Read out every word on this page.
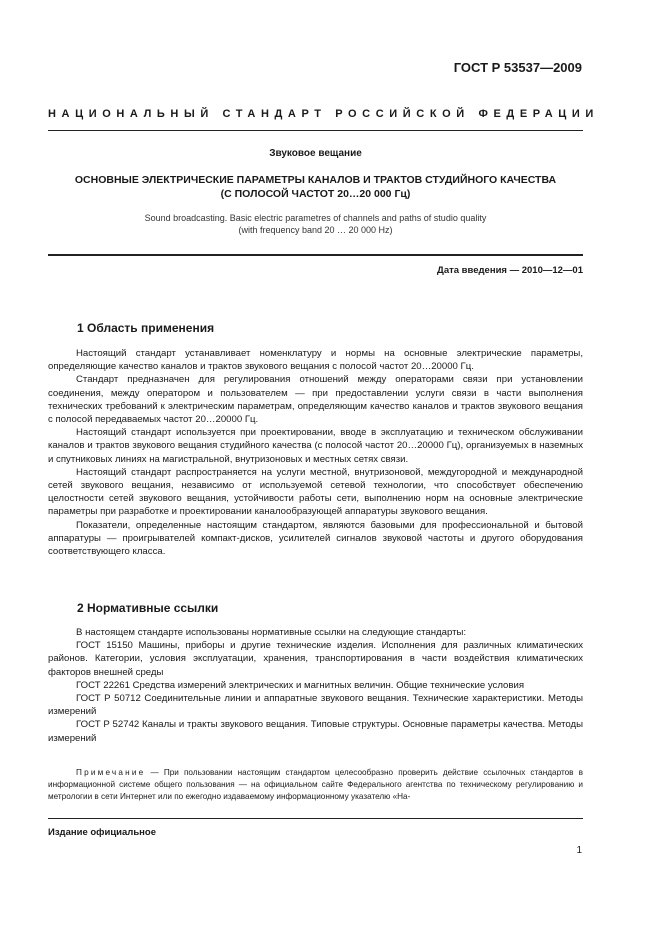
ГОСТ Р 53537—2009
НАЦИОНАЛЬНЫЙ СТАНДАРТ РОССИЙСКОЙ ФЕДЕРАЦИИ
Звуковое вещание
ОСНОВНЫЕ ЭЛЕКТРИЧЕСКИЕ ПАРАМЕТРЫ КАНАЛОВ И ТРАКТОВ СТУДИЙНОГО КАЧЕСТВА
(С ПОЛОСОЙ ЧАСТОТ 20…20 000 Гц)
Sound broadcasting. Basic electric parametres of channels and paths of studio quality
(with frequency band 20 … 20 000 Hz)
Дата введения — 2010—12—01
1 Область применения

Настоящий стандарт устанавливает номенклатуру и нормы на основные электрические параметры, определяющие качество каналов и трактов звукового вещания с полосой частот 20…20000 Гц.

Стандарт предназначен для регулирования отношений между операторами связи при установлении соединения, между оператором и пользователем — при предоставлении услуги связи в части выполнения технических требований к электрическим параметрам, определяющим качество каналов и трактов звукового вещания с полосой передаваемых частот 20…20000 Гц.

Настоящий стандарт используется при проектировании, вводе в эксплуатацию и техническом обслуживании каналов и трактов звукового вещания студийного качества (с полосой частот 20…20000 Гц), организуемых в наземных и спутниковых линиях на магистральной, внутризоновых и местных сетях связи.

Настоящий стандарт распространяется на услуги местной, внутризоновой, междугородной и международной сетей звукового вещания, независимо от используемой сетевой технологии, что способствует обеспечению целостности сетей звукового вещания, устойчивости работы сети, выполнению норм на основные электрические параметры при разработке и проектировании каналообразующей аппаратуры звукового вещания.

Показатели, определенные настоящим стандартом, являются базовыми для профессиональной и бытовой аппаратуры — проигрывателей компакт-дисков, усилителей сигналов звуковой частоты и другого оборудования соответствующего класса.

2 Нормативные ссылки

В настоящем стандарте использованы нормативные ссылки на следующие стандарты:

ГОСТ 15150 Машины, приборы и другие технические изделия. Исполнения для различных климатических районов. Категории, условия эксплуатации, хранения, транспортирования в части воздействия климатических факторов внешней среды

ГОСТ 22261 Средства измерений электрических и магнитных величин. Общие технические условия

ГОСТ Р 50712 Соединительные линии и аппаратные звукового вещания. Технические характеристики. Методы измерений

ГОСТ Р 52742 Каналы и тракты звукового вещания. Типовые структуры. Основные параметры качества. Методы измерений

Примечание — При пользовании настоящим стандартом целесообразно проверить действие ссылочных стандартов в информационной системе общего пользования — на официальном сайте Федерального агентства по техническому регулированию и метрологии в сети Интернет или по ежегодно издаваемому информационному указателю «На-

Издание официальное
1
